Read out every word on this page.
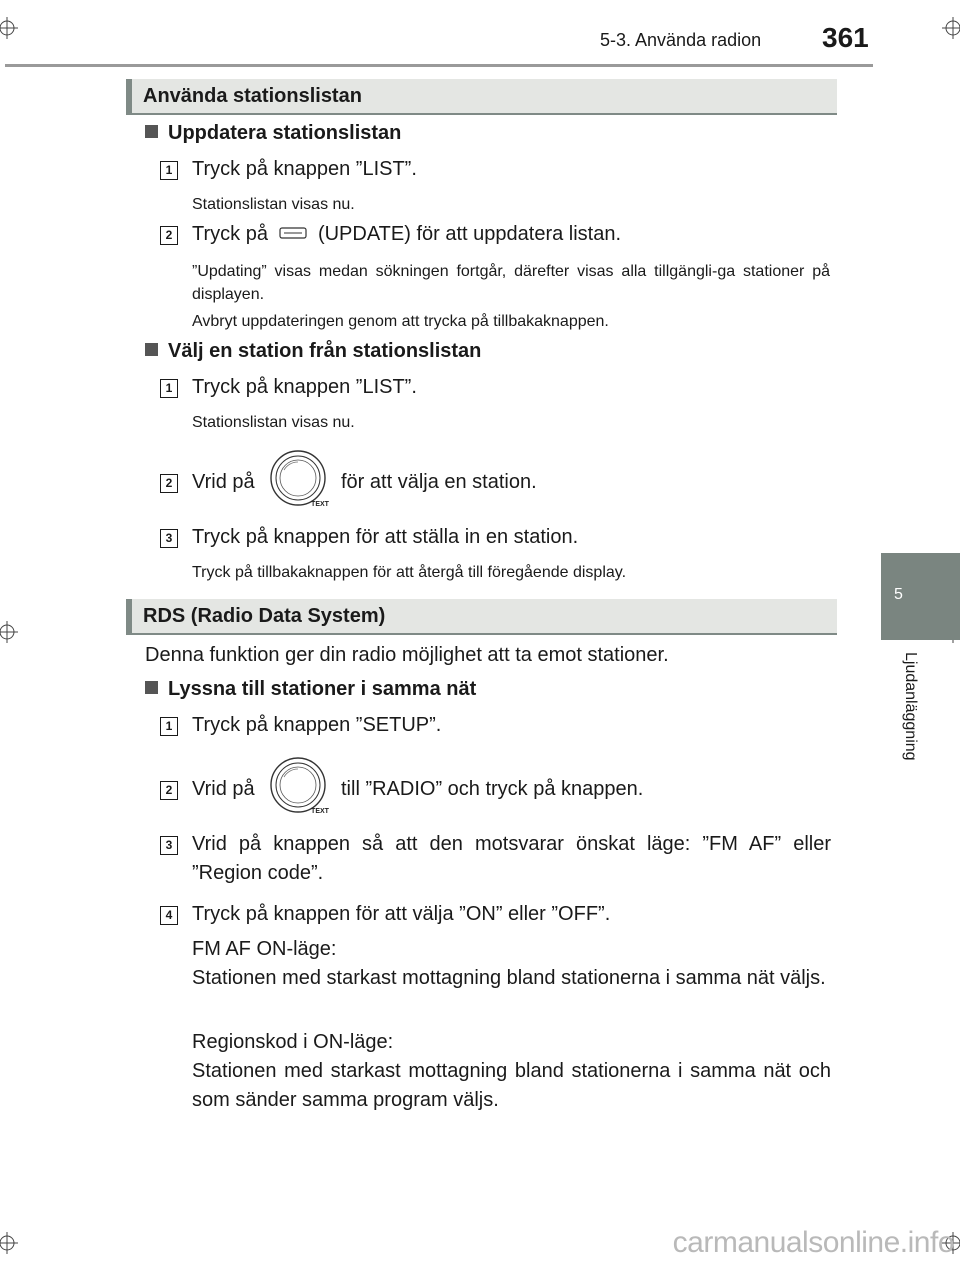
5-3. Använda radion 361
5
Ljudanläggning
Använda stationslistan
Uppdatera stationslistan
1 Tryck på knappen ”LIST”.
Stationslistan visas nu.
2 Tryck på	(UPDATE) för att uppdatera listan.
”Updating” visas medan sökningen fortgår, därefter visas alla tillgängli-ga stationer på displayen.
Avbryt uppdateringen genom att trycka på tillbakaknappen.
Välj en station från stationslistan
1 Tryck på knappen ”LIST”.
Stationslistan visas nu.
2 Vrid på
TEXT
för att välja en station.
3 Tryck på knappen för att ställa in en station.
Tryck på tillbakaknappen för att återgå till föregående display.
RDS (Radio Data System)
Denna funktion ger din radio möjlighet att ta emot stationer.
Lyssna till stationer i samma nät
1 Tryck på knappen ”SETUP”.
2 Vrid på
TEXT
till ”RADIO” och tryck på knappen.
3 Vrid på knappen så att den motsvarar önskat läge: ”FM AF” eller ”Region code”.
4 Tryck på knappen för att välja ”ON” eller ”OFF”.
FM AF ON-läge:
Stationen med starkast mottagning bland stationerna i samma nät väljs.
Regionskod i ON-läge:
Stationen med starkast mottagning bland stationerna i samma nät och som sänder samma program väljs.
carmanualsonline.info
